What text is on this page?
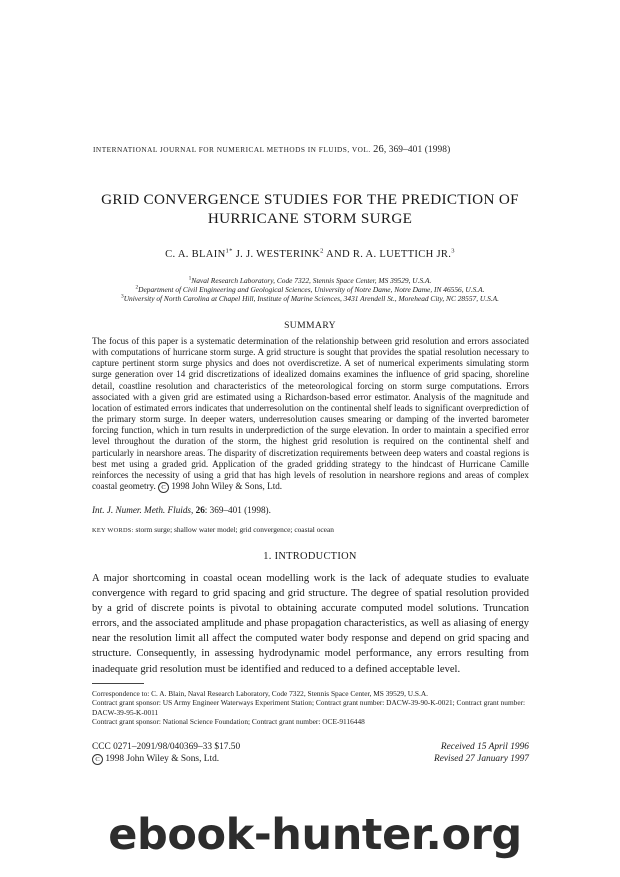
INTERNATIONAL JOURNAL FOR NUMERICAL METHODS IN FLUIDS, VOL. 26, 369–401 (1998)
GRID CONVERGENCE STUDIES FOR THE PREDICTION OF
HURRICANE STORM SURGE
C. A. $BLAIN^{1*}$ J. J. WESTERINK$^2$ AND R. A. LUETTICH JR.$^3$
$^1$Naval Research Laboratory, Code 7322, Stennis Space Center, MS 39529, U.S.A.
$^2$Department of Civil Engineering and Geological Sciences, University of Notre Dame, Notre Dame, IN 46556, U.S.A.
$^3$University of North Carolina at Chapel Hill, Institute of Marine Sciences, 3431 Arendell St., Morehead City, NC 28557, U.S.A.
SUMMARY

The focus of this paper is a systematic determination of the relationship between grid resolution and errors associated with computations of hurricane storm surge. A grid structure is sought that provides the spatial resolution necessary to capture pertinent storm surge physics and does not overdiscretize. A set of numerical experiments simulating storm surge generation over 14 grid discretizations of idealized domains examines the influence of grid spacing, shoreline detail, coastline resolution and characteristics of the meteorological forcing on storm surge computations. Errors associated with a given grid are estimated using a Richardson-based error estimator. Analysis of the magnitude and location of estimated errors indicates that underresolution on the continental shelf leads to significant overprediction of the primary storm surge. In deeper waters, underresolution causes smearing or damping of the inverted barometer forcing function, which in turn results in underprediction of the surge elevation. In order to maintain a specified error level throughout the duration of the storm, the highest grid resolution is required on the continental shelf and particularly in nearshore areas. The disparity of discretization requirements between deep waters and coastal regions is best met using a graded grid. Application of the graded gridding strategy to the hindcast of Hurricane Camille reinforces the necessity of using a grid that has high levels of resolution in nearshore regions and areas of complex coastal geometry. C 1998 John Wiley & Sons, Ltd.

Int. J. Numer. Meth. Fluids, 26: 369–401 (1998).
KEY WORDS: storm surge; shallow water model; grid convergence; coastal ocean
1. INTRODUCTION

A major shortcoming in coastal ocean modelling work is the lack of adequate studies to evaluate convergence with regard to grid spacing and grid structure. The degree of spatial resolution provided by a grid of discrete points is pivotal to obtaining accurate computed model solutions. Truncation errors, and the associated amplitude and phase propagation characteristics, as well as aliasing of energy near the resolution limit all affect the computed water body response and depend on grid spacing and structure. Consequently, in assessing hydrodynamic model performance, any errors resulting from inadequate grid resolution must be identified and reduced to a defined acceptable level.

Correspondence to: C. A. Blain, Naval Research Laboratory, Code 7322, Stennis Space Center, MS 39529, U.S.A.
Contract grant sponsor: US Army Engineer Waterways Experiment Station; Contract grant number: DACW-39-90-K-0021; Contract grant number: DACW-39-95-K-0011
Contract grant sponsor: National Science Foundation; Contract grant number: OCE-9116448
CCC 0271–2091/98/040369–33 $17.50
C 1998 John Wiley & Sons, Ltd.
Received 15 April 1996
Revised 27 January 1997
ebook-hunter.org
